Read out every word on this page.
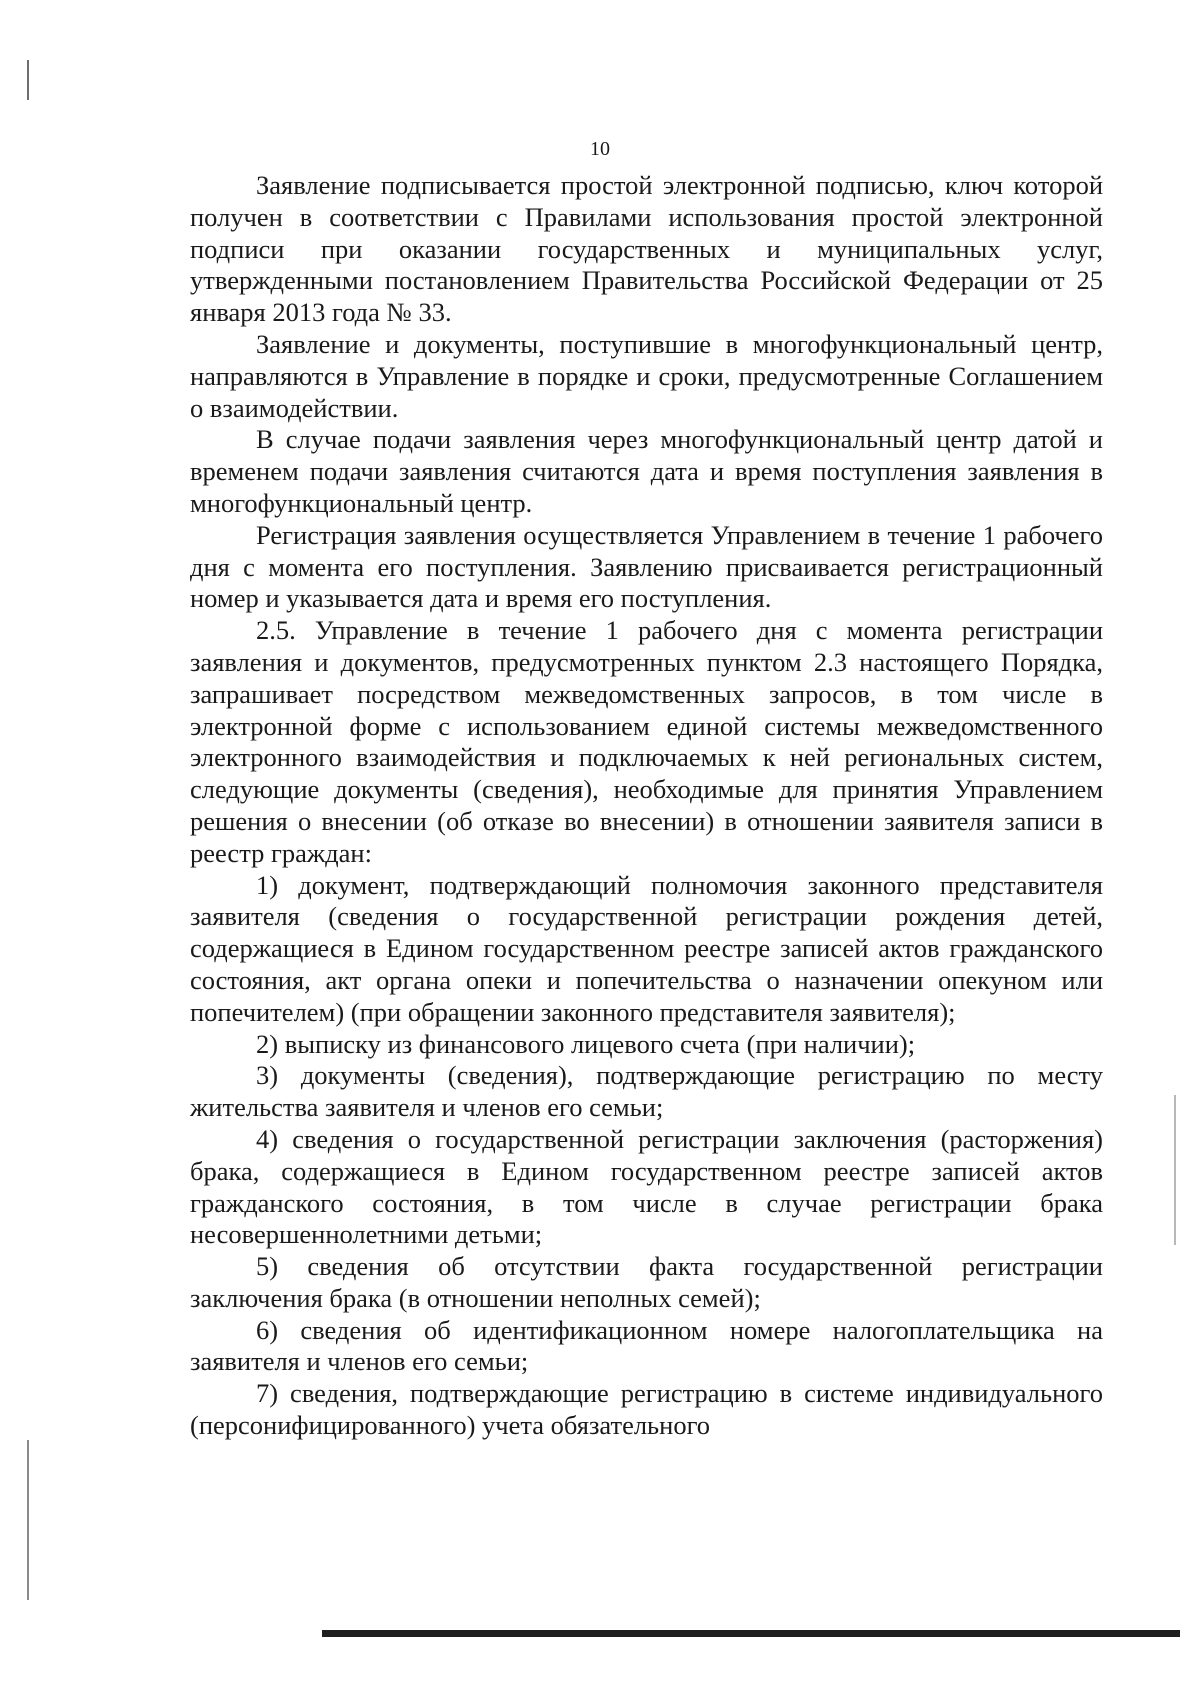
10

Заявление подписывается простой электронной подписью, ключ которой получен в соответствии с Правилами использования простой электронной подписи при оказании государственных и муниципальных услуг, утвержденными постановлением Правительства Российской Федерации от 25 января 2013 года № 33.

Заявление и документы, поступившие в многофункциональный центр, направляются в Управление в порядке и сроки, предусмотренные Соглашением о взаимодействии.

В случае подачи заявления через многофункциональный центр датой и временем подачи заявления считаются дата и время поступления заявления в многофункциональный центр.

Регистрация заявления осуществляется Управлением в течение 1 рабочего дня с момента его поступления. Заявлению присваивается регистрационный номер и указывается дата и время его поступления.

2.5. Управление в течение 1 рабочего дня с момента регистрации заявления и документов, предусмотренных пунктом 2.3 настоящего Порядка, запрашивает посредством межведомственных запросов, в том числе в электронной форме с использованием единой системы межведомственного электронного взаимодействия и подключаемых к ней региональных систем, следующие документы (сведения), необходимые для принятия Управлением решения о внесении (об отказе во внесении) в отношении заявителя записи в реестр граждан:

1) документ, подтверждающий полномочия законного представителя заявителя (сведения о государственной регистрации рождения детей, содержащиеся в Едином государственном реестре записей актов гражданского состояния, акт органа опеки и попечительства о назначении опекуном или попечителем) (при обращении законного представителя заявителя);

2) выписку из финансового лицевого счета (при наличии);

3) документы (сведения), подтверждающие регистрацию по месту жительства заявителя и членов его семьи;

4) сведения о государственной регистрации заключения (расторжения) брака, содержащиеся в Едином государственном реестре записей актов гражданского состояния, в том числе в случае регистрации брака несовершеннолетними детьми;

5) сведения об отсутствии факта государственной регистрации заключения брака (в отношении неполных семей);

6) сведения об идентификационном номере налогоплательщика на заявителя и членов его семьи;

7) сведения, подтверждающие регистрацию в системе индивидуального (персонифицированного) учета обязательного
